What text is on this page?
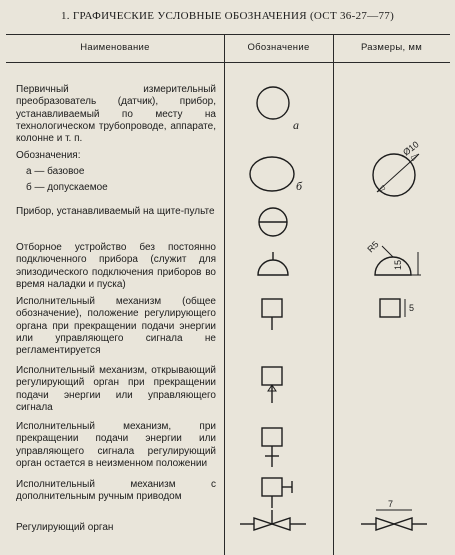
1. ГРАФИЧЕСКИЕ УСЛОВНЫЕ ОБОЗНАЧЕНИЯ (ОСТ 36-27—77)
Наименование	Обозначение	Размеры, мм
Первичный измерительный преобразователь (датчик), прибор, устанавливаемый по месту на технологическом трубопроводе, аппарате, колонне и т. п.
Обозначения:
а — базовое
б — допускаемое
Прибор, устанавливаемый на щите-пульте
Отборное устройство без постоянно подключенного прибора (служит для эпизодического подключения приборов во время наладки и пуска)
Исполнительный механизм (общее обозначение), положение регулирующего органа при прекращении подачи энергии или управляющего сигнала не регламентируется
Исполнительный механизм, открывающий регулирующий орган при прекращении подачи энергии или управляющего сигнала
Исполнительный механизм, при прекращении подачи энергии или управляющего сигнала регулирующий орган остается в неизменном положении
Исполнительный механизм с дополнительным ручным приводом
Регулирующий орган
а
б
Ø10
R5
15
5
7
